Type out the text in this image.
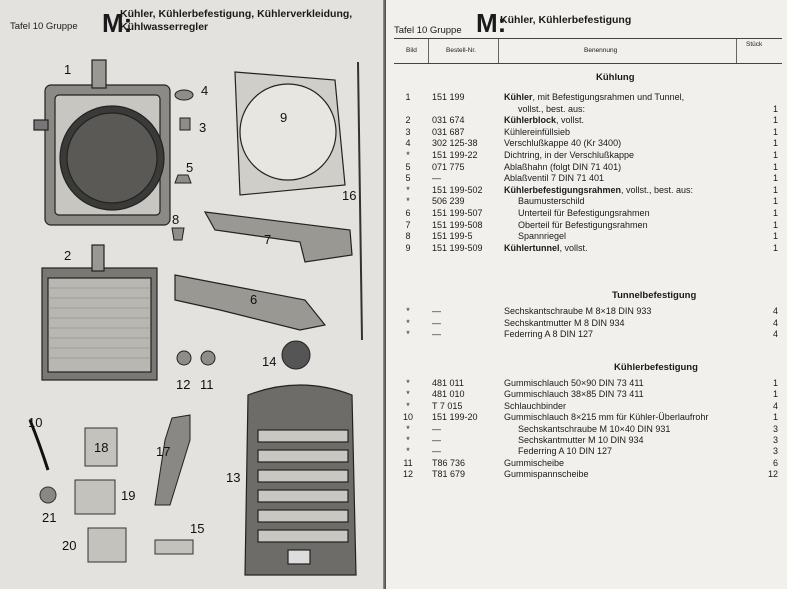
Tafel 10 Gruppe M:
Kühler, Kühlerbefestigung, Kühlerverkleidung,
Kühlwasserregler
1
2
3
4
5
6
7
8
9
10
11
12
13
14
15
16
17
18
19
20
21
Tafel 10 Gruppe M:
Kühler, Kühlerbefestigung
Bild	Bestell-Nr.	Benennung
Stück
Kühlung
1	151 199	Kühler, mit Befestigungsrahmen und Tunnel,
vollst., best. aus:	1
2	031 674	Kühlerblock, vollst.	1
3	031 687	Kühlereinfüllsieb	1
4	302 125-38	Verschlußkappe 40 (Kr 3400)	1
*	151 199-22	Dichtring, in der Verschlußkappe	1
5	071 775	Ablaßhahn (folgt DIN 71 401)	1
5	—	Ablaßventil 7 DIN 71 401	1
*	151 199-502 Kühlerbefestigungsrahmen, vollst., best. aus:	1
*	506 239	Baumusterschild	1
6	151 199-507	Unterteil für Befestigungsrahmen	1
7	151 199-508	Oberteil für Befestigungsrahmen	1
8	151 199-5	Spannriegel	1
9	151 199-509 Kühlertunnel, vollst.	1
Tunnelbefestigung
*	—	Sechskantschraube M 8×18 DIN 933	4
*	—	Sechskantmutter M 8 DIN 934	4
*	—	Federring A 8 DIN 127	4
Kühlerbefestigung
*	481 011	Gummischlauch 50×90 DIN 73 411	1
*	481 010	Gummischlauch 38×85 DIN 73 411	1
*	T 7 015	Schlauchbinder	4
10	151 199-20	Gummischlauch 8×215 mm für Kühler-Überlaufrohr	1
*	—	Sechskantschraube M 10×40 DIN 931	3
*	—	Sechskantmutter M 10 DIN 934	3
*	—	Federring A 10 DIN 127	3
11	T86 736	Gummischeibe	6
12	T81 679	Gummispannscheibe	12
